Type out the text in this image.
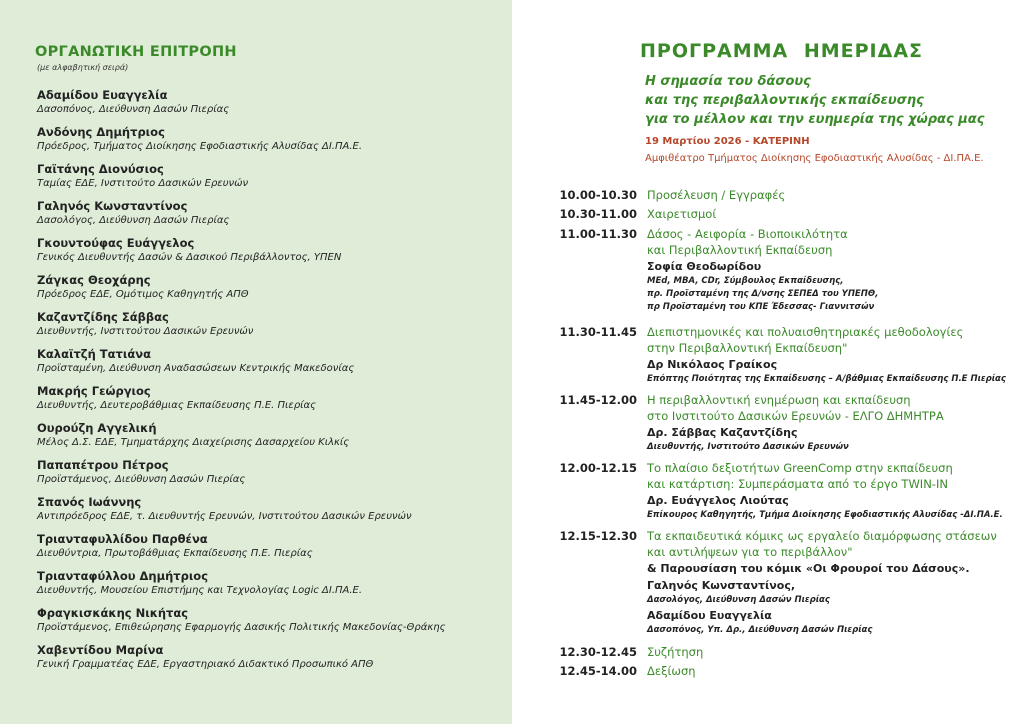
ΟΡΓΑΝΩΤΙΚΗ ΕΠΙΤΡΟΠΗ
(με αλφαβητική σειρά)
Αδαμίδου Ευαγγελία
Δασοπόνος, Διεύθυνση Δασών Πιερίας
Ανδόνης Δημήτριος
Πρόεδρος, Τμήματος Διοίκησης Εφοδιαστικής Αλυσίδας ΔΙ.ΠΑ.Ε.
Γαϊτάνης Διονύσιος
Ταμίας ΕΔΕ, Ινστιτούτο Δασικών Ερευνών
Γαληνός Κωνσταντίνος
Δασολόγος, Διεύθυνση Δασών Πιερίας
Γκουντούφας Ευάγγελος
Γενικός Διευθυντής Δασών & Δασικού Περιβάλλοντος, ΥΠΕΝ
Ζάγκας Θεοχάρης
Πρόεδρος ΕΔΕ, Ομότιμος Καθηγητής ΑΠΘ
Καζαντζίδης Σάββας
Διευθυντής, Ινστιτούτου Δασικών Ερευνών
Καλαϊτζή Τατιάνα
Προϊσταμένη, Διεύθυνση Αναδασώσεων Κεντρικής Μακεδονίας
Μακρής Γεώργιος
Διευθυντής, Δευτεροβάθμιας Εκπαίδευσης Π.Ε. Πιερίας
Ουρούζη Αγγελική
Μέλος Δ.Σ. ΕΔΕ, Τμηματάρχης Διαχείρισης Δασαρχείου Κιλκίς
Παπαπέτρου Πέτρος
Προϊστάμενος, Διεύθυνση Δασών Πιερίας
Σπανός Ιωάννης
Αντιπρόεδρος ΕΔΕ, τ. Διευθυντής Ερευνών, Ινστιτούτου Δασικών Ερευνών
Τριανταφυλλίδου Παρθένα
Διευθύντρια, Πρωτοβάθμιας Εκπαίδευσης Π.Ε. Πιερίας
Τριανταφύλλου Δημήτριος
Διευθυντής, Μουσείου Επιστήμης και Τεχνολογίας Logic ΔΙ.ΠΑ.Ε.
Φραγκισκάκης Νικήτας
Προϊστάμενος, Επιθεώρησης Εφαρμογής Δασικής Πολιτικής Μακεδονίας-Θράκης
Χαβεντίδου Μαρίνα
Γενική Γραμματέας ΕΔΕ, Εργαστηριακό Διδακτικό Προσωπικό ΑΠΘ
ΠΡΟΓΡΑΜΜΑ ΗΜΕΡΙΔΑΣ
Η σημασία του δάσους
και της περιβαλλοντικής εκπαίδευσης
για το μέλλον και την ευημερία της χώρας μας
19 Μαρτίου 2026 - ΚΑΤΕΡΙΝΗ
Αμφιθέατρο Τμήματος Διοίκησης Εφοδιαστικής Αλυσίδας - ΔΙ.ΠΑ.Ε.
10.00-10.30 Προσέλευση / Εγγραφές
10.30-11.00 Χαιρετισμοί
11.00-11.30 Δάσος - Αειφορία - Βιοποικιλότητα
και Περιβαλλοντική Εκπαίδευση
Σοφία Θεοδωρίδου
MEd, MBA, CDr, Σύμβουλος Εκπαίδευσης,
πρ. Προϊσταμένη της Δ/νσης ΣΕΠΕΔ του ΥΠΕΠΘ,
πρ Προϊσταμένη του ΚΠΕ Έδεσσας- Γιαννιτσών
11.30-11.45 Διεπιστημονικές και πολυαισθητηριακές μεθοδολογίες
στην Περιβαλλοντική Εκπαίδευση"
Δρ Νικόλαος Γραίκος
Επόπτης Ποιότητας της Εκπαίδευσης – Α/βάθμιας Εκπαίδευσης Π.Ε Πιερίας
11.45-12.00 Η περιβαλλοντική ενημέρωση και εκπαίδευση
στο Ινστιτούτο Δασικών Ερευνών - ΕΛΓΟ ΔΗΜΗΤΡΑ
Δρ. Σάββας Καζαντζίδης
Διευθυντής, Ινστιτούτο Δασικών Ερευνών
12.00-12.15 Το πλαίσιο δεξιοτήτων GreenComp στην εκπαίδευση
και κατάρτιση: Συμπεράσματα από το έργο TWIN-IN
Δρ. Ευάγγελος Λιούτας
Επίκουρος Καθηγητής, Τμήμα Διοίκησης Εφοδιαστικής Αλυσίδας -ΔΙ.ΠΑ.Ε.
12.15-12.30 Τα εκπαιδευτικά κόμικς ως εργαλείο διαμόρφωσης στάσεων
και αντιλήψεων για το περιβάλλον"
& Παρουσίαση του κόμικ «Οι Φρουροί του Δάσους».
Γαληνός Κωνσταντίνος,
Δασολόγος, Διεύθυνση Δασών Πιερίας
Αδαμίδου Ευαγγελία
Δασοπόνος, Υπ. Δρ., Διεύθυνση Δασών Πιερίας
12.30-12.45 Συζήτηση
12.45-14.00 Δεξίωση
